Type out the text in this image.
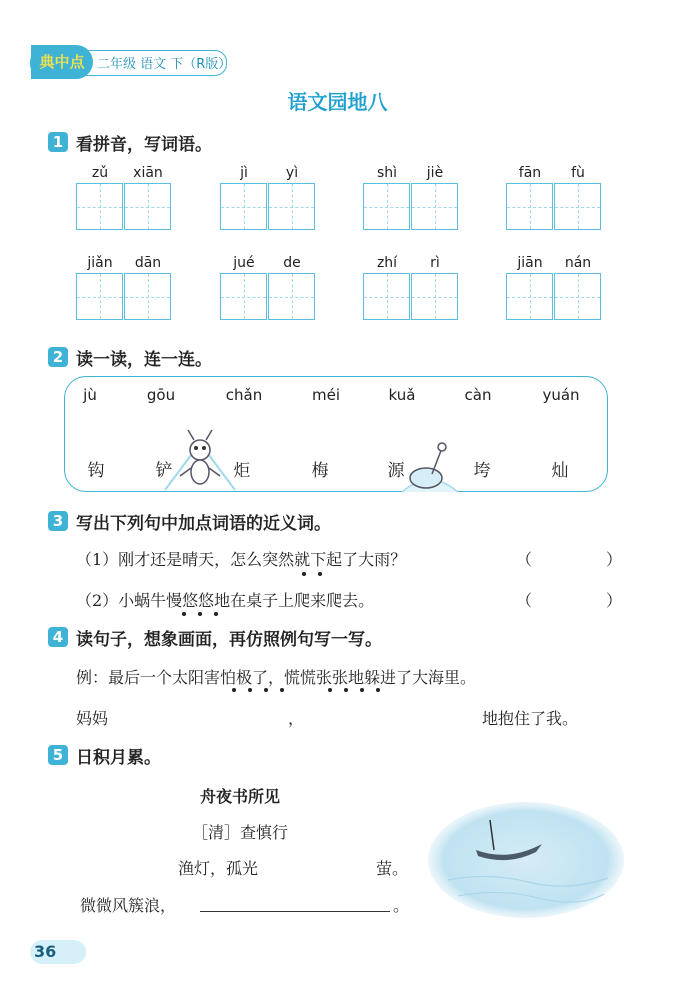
典中点 二年级 语文 下（R版）
语文园地八
1 看拼音，写词语。
zǔ	xiān	jì	yì	shì	jiè	fān	fù
jiǎn	dān	jué	de	zhí	rì	jiān	nán
2 读一读，连一连。
jù	gōu	chǎn	méi	kuǎ	càn	yuán
钩	铲	炬	梅	源	垮	灿
3 写出下列句中加点词语的近义词。
（1）刚才还是晴天，怎么突然就下起了大雨？	（	）
（2）小蜗牛慢悠悠地在桌子上爬来爬去。	（	）
4 读句子，想象画面，再仿照例句写一写。
例：最后一个太阳害怕极了，慌慌张张地躲进了大海里。
妈妈	，	地抱住了我。
5 日积月累。
舟夜书所见
［清］查慎行
渔灯，孤光	萤。
微微风簇浪，	。
36
